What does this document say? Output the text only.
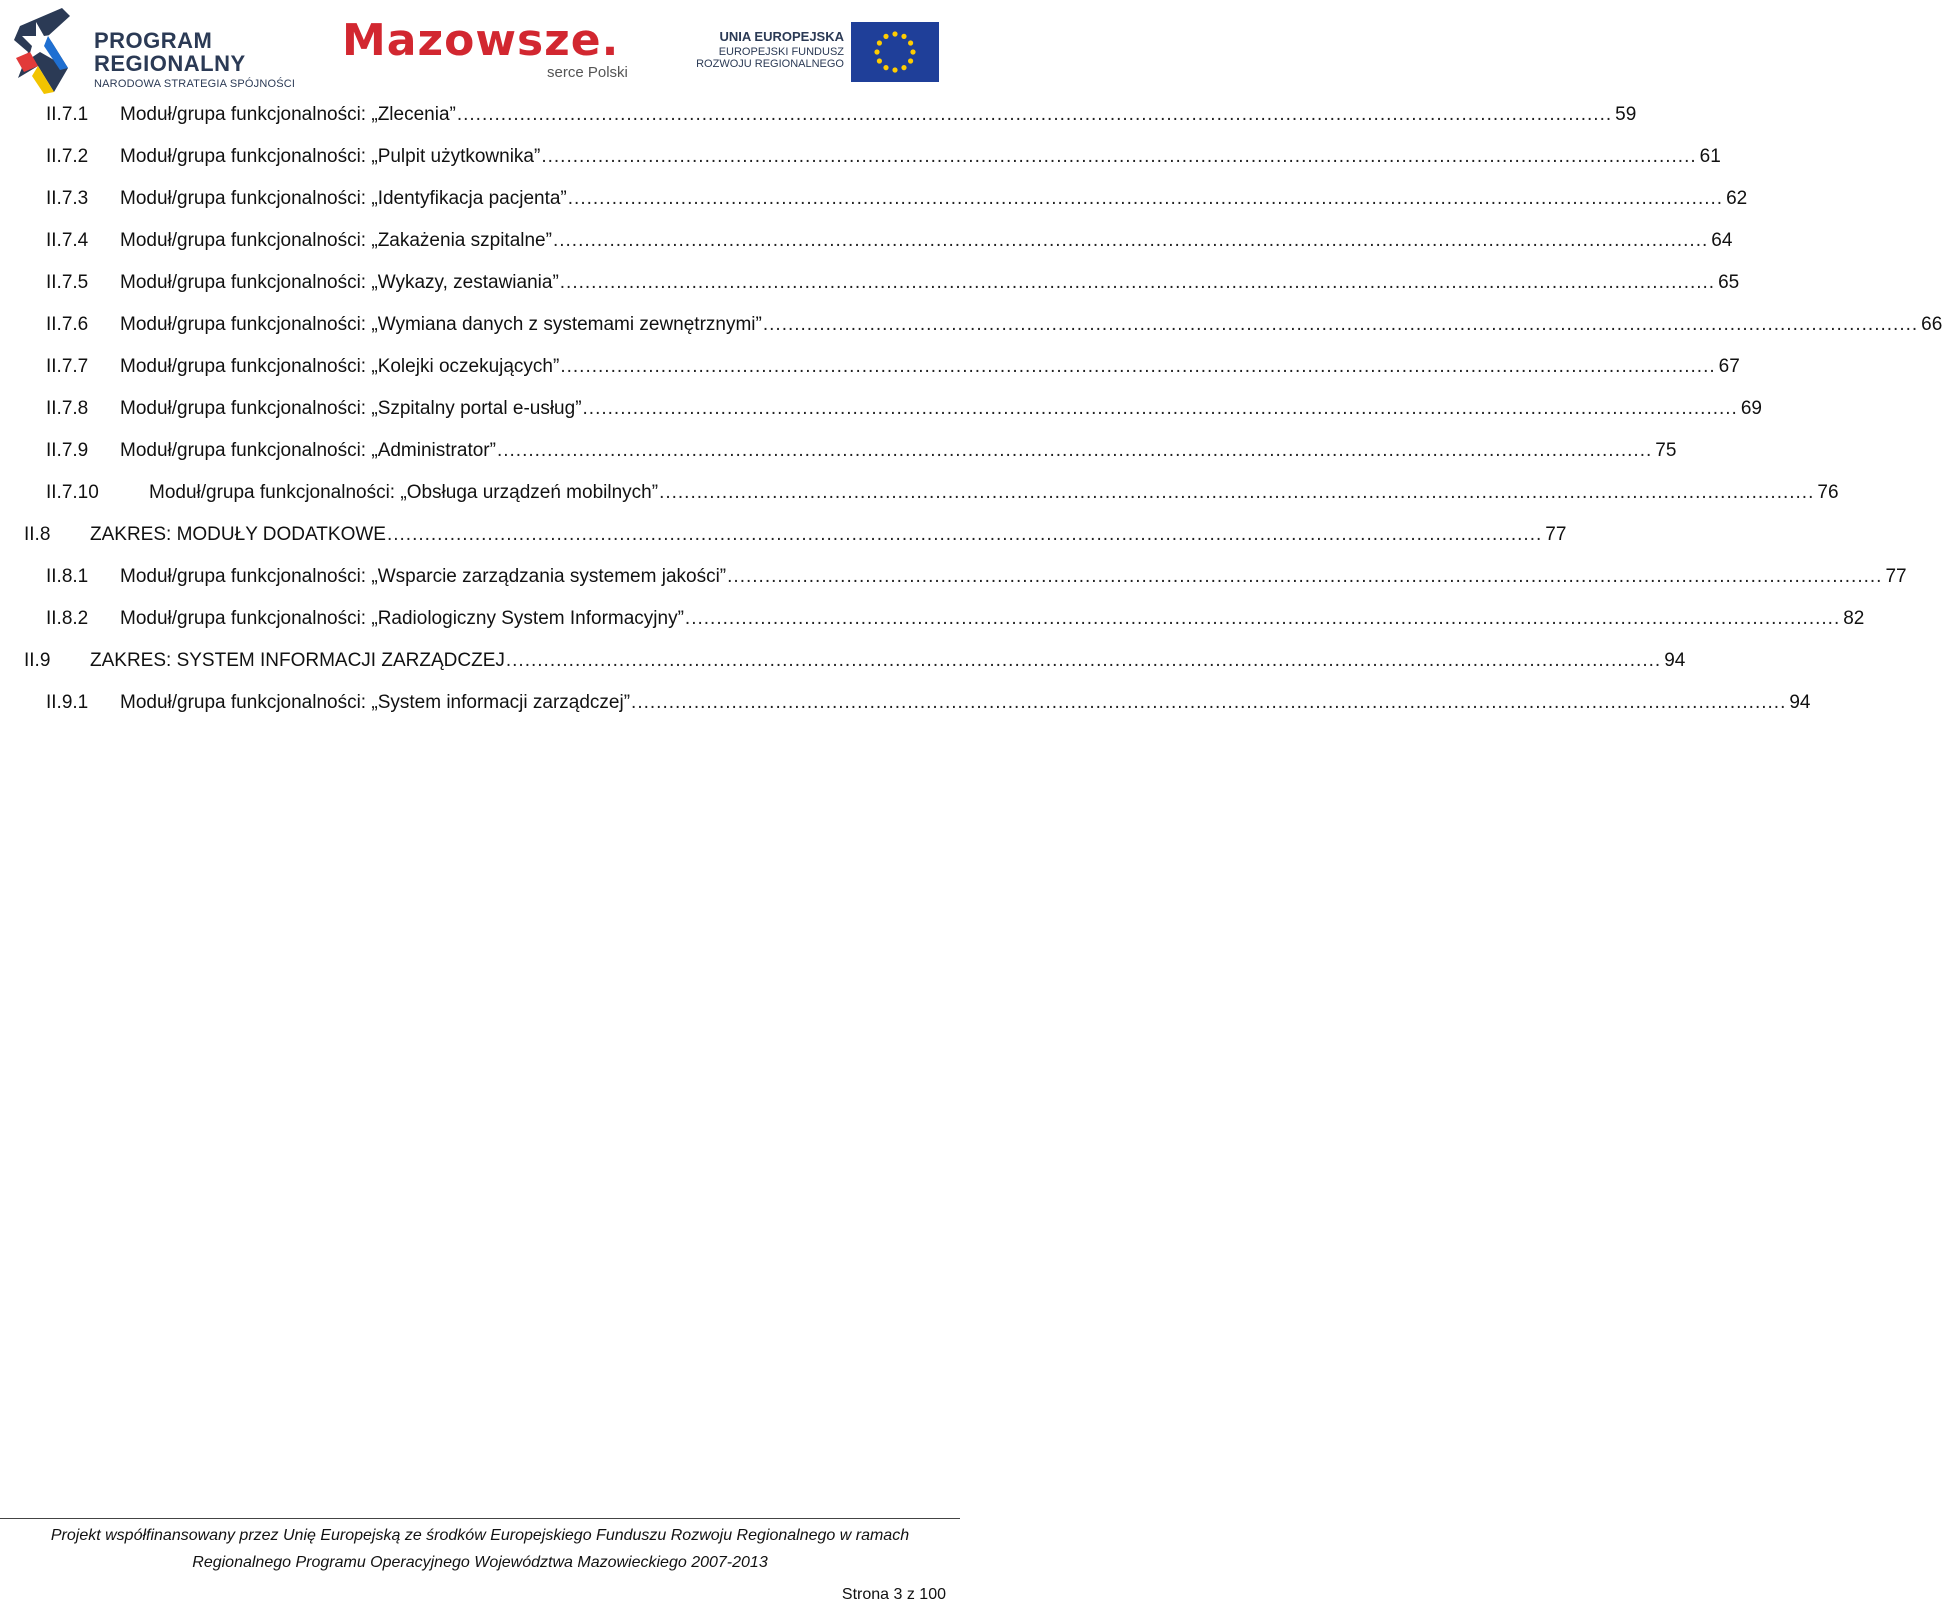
PROGRAM
REGIONALNY
NARODOWA STRATEGIA SPÓJNOŚCI
Mazowsze.
serce Polski
UNIA EUROPEJSKA
EUROPEJSKI FUNDUSZ
ROZWOJU REGIONALNEGO
II.7.1	Moduł/grupa funkcjonalności: „Zlecenia” ........................................................................................................................................................................................ 59
II.7.2	Moduł/grupa funkcjonalności: „Pulpit użytkownika” ........................................................................................................................................................................................ 61
II.7.3	Moduł/grupa funkcjonalności: „Identyfikacja pacjenta” ........................................................................................................................................................................................ 62
II.7.4	Moduł/grupa funkcjonalności: „Zakażenia szpitalne” ........................................................................................................................................................................................ 64
II.7.5	Moduł/grupa funkcjonalności: „Wykazy, zestawiania” ........................................................................................................................................................................................ 65
II.7.6	Moduł/grupa funkcjonalności: „Wymiana danych z systemami zewnętrznymi” ........................................................................................................................................................................................ 66
II.7.7	Moduł/grupa funkcjonalności: „Kolejki oczekujących” ........................................................................................................................................................................................ 67
II.7.8	Moduł/grupa funkcjonalności: „Szpitalny portal e-usług” ........................................................................................................................................................................................ 69
II.7.9	Moduł/grupa funkcjonalności: „Administrator” ........................................................................................................................................................................................ 75
II.7.10	Moduł/grupa funkcjonalności: „Obsługa urządzeń mobilnych” ........................................................................................................................................................................................ 76
II.8	ZAKRES: MODUŁY DODATKOWE ........................................................................................................................................................................................ 77
II.8.1	Moduł/grupa funkcjonalności: „Wsparcie zarządzania systemem jakości” ........................................................................................................................................................................................ 77
II.8.2	Moduł/grupa funkcjonalności: „Radiologiczny System Informacyjny” ........................................................................................................................................................................................ 82
II.9	ZAKRES: SYSTEM INFORMACJI ZARZĄDCZEJ ........................................................................................................................................................................................ 94
II.9.1	Moduł/grupa funkcjonalności: „System informacji zarządczej” ........................................................................................................................................................................................ 94
Projekt współfinansowany przez Unię Europejską ze środków Europejskiego Funduszu Rozwoju Regionalnego w ramach
Regionalnego Programu Operacyjnego Województwa Mazowieckiego 2007-2013
Strona 3 z 100
